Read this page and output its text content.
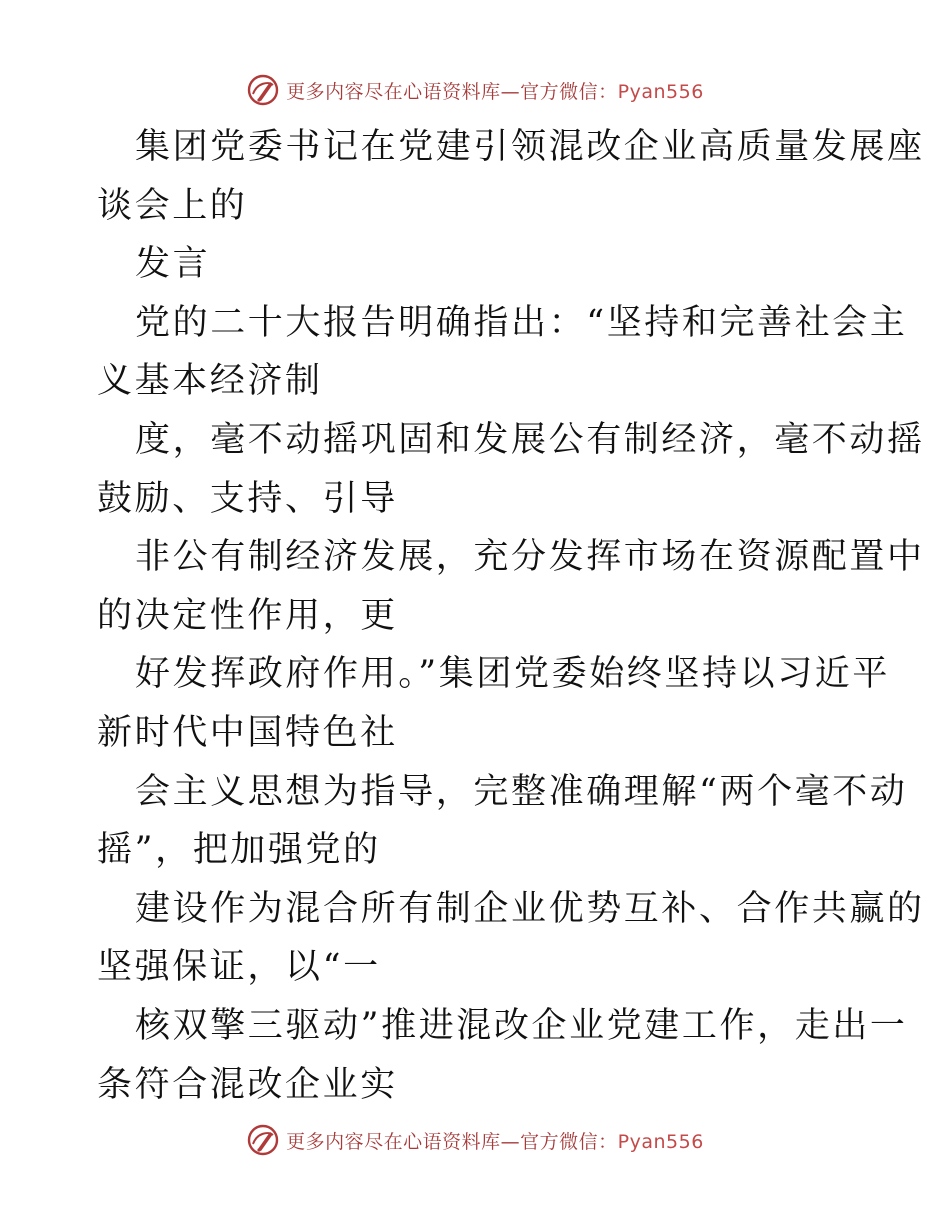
更多内容尽在心语资料库—官方微信：Pyan556
集团党委书记在党建引领混改企业高质量发展座
谈会上的
发言
党的二十大报告明确指出：“坚持和完善社会主
义基本经济制
度，毫不动摇巩固和发展公有制经济，毫不动摇
鼓励、支持、引导
非公有制经济发展，充分发挥市场在资源配置中
的决定性作用，更
好发挥政府作用。”集团党委始终坚持以习近平
新时代中国特色社
会主义思想为指导，完整准确理解“两个毫不动
摇”，把加强党的
建设作为混合所有制企业优势互补、合作共赢的
坚强保证，以“一
核双擎三驱动”推进混改企业党建工作，走出一
条符合混改企业实
更多内容尽在心语资料库—官方微信：Pyan556
